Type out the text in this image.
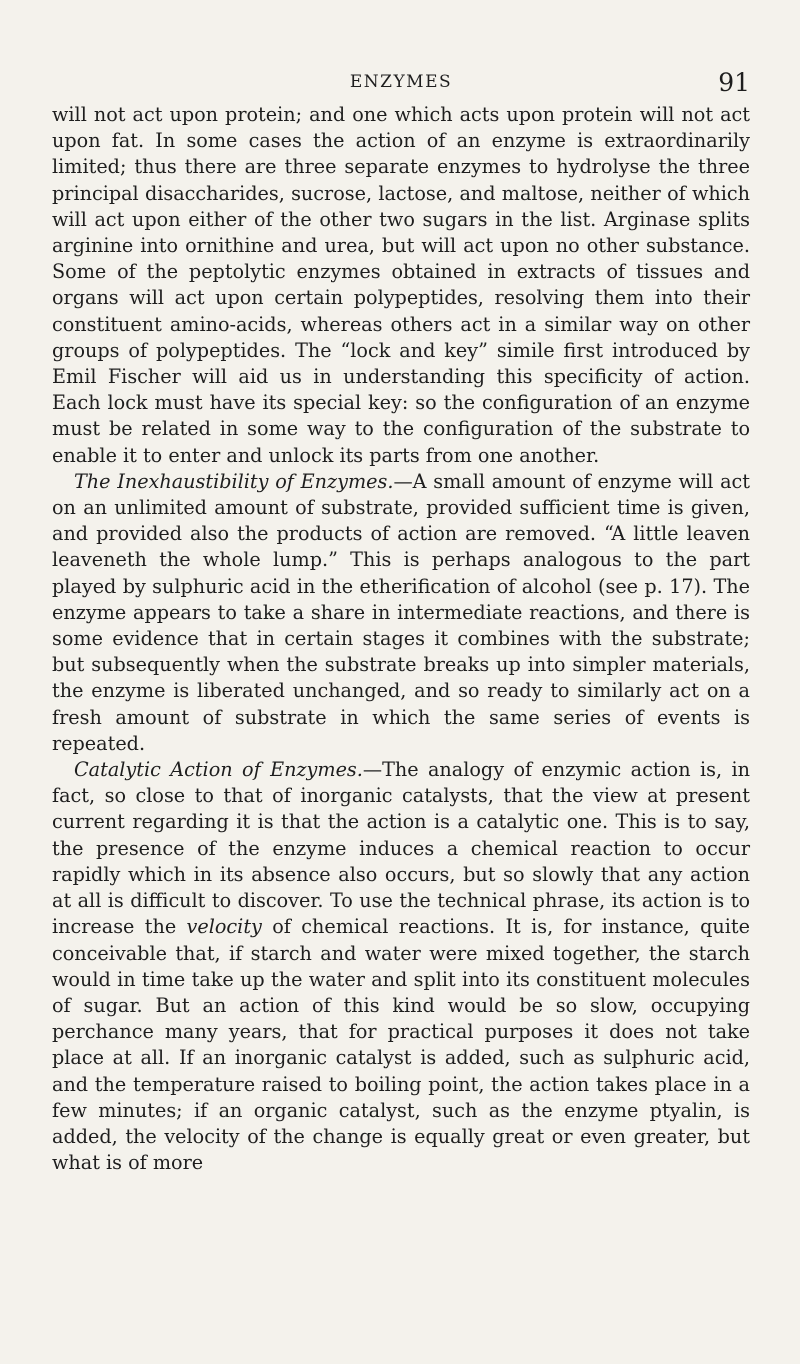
ENZYMES	91

will not act upon protein; and one which acts upon protein will not act upon fat. In some cases the action of an enzyme is extraordinarily limited; thus there are three separate enzymes to hydrolyse the three principal disaccharides, sucrose, lactose, and maltose, neither of which will act upon either of the other two sugars in the list. Arginase splits arginine into ornithine and urea, but will act upon no other substance. Some of the peptolytic enzymes obtained in extracts of tissues and organs will act upon certain polypeptides, resolving them into their constituent amino-acids, whereas others act in a similar way on other groups of polypeptides. The “lock and key” simile first introduced by Emil Fischer will aid us in understanding this specificity of action. Each lock must have its special key: so the configuration of an enzyme must be related in some way to the configuration of the substrate to enable it to enter and unlock its parts from one another.

The Inexhaustibility of Enzymes.—A small amount of enzyme will act on an unlimited amount of substrate, provided sufficient time is given, and provided also the products of action are removed. “A little leaven leaveneth the whole lump.” This is perhaps analogous to the part played by sulphuric acid in the etherification of alcohol (see p. 17). The enzyme appears to take a share in intermediate reactions, and there is some evidence that in certain stages it combines with the substrate; but subsequently when the substrate breaks up into simpler materials, the enzyme is liberated unchanged, and so ready to similarly act on a fresh amount of substrate in which the same series of events is repeated.

Catalytic Action of Enzymes.—The analogy of enzymic action is, in fact, so close to that of inorganic catalysts, that the view at present current regarding it is that the action is a catalytic one. This is to say, the presence of the enzyme induces a chemical reaction to occur rapidly which in its absence also occurs, but so slowly that any action at all is difficult to discover. To use the technical phrase, its action is to increase the velocity of chemical reactions. It is, for instance, quite conceivable that, if starch and water were mixed together, the starch would in time take up the water and split into its constituent molecules of sugar. But an action of this kind would be so slow, occupying perchance many years, that for practical purposes it does not take place at all. If an inorganic catalyst is added, such as sulphuric acid, and the temperature raised to boiling point, the action takes place in a few minutes; if an organic catalyst, such as the enzyme ptyalin, is added, the velocity of the change is equally great or even greater, but what is of more
